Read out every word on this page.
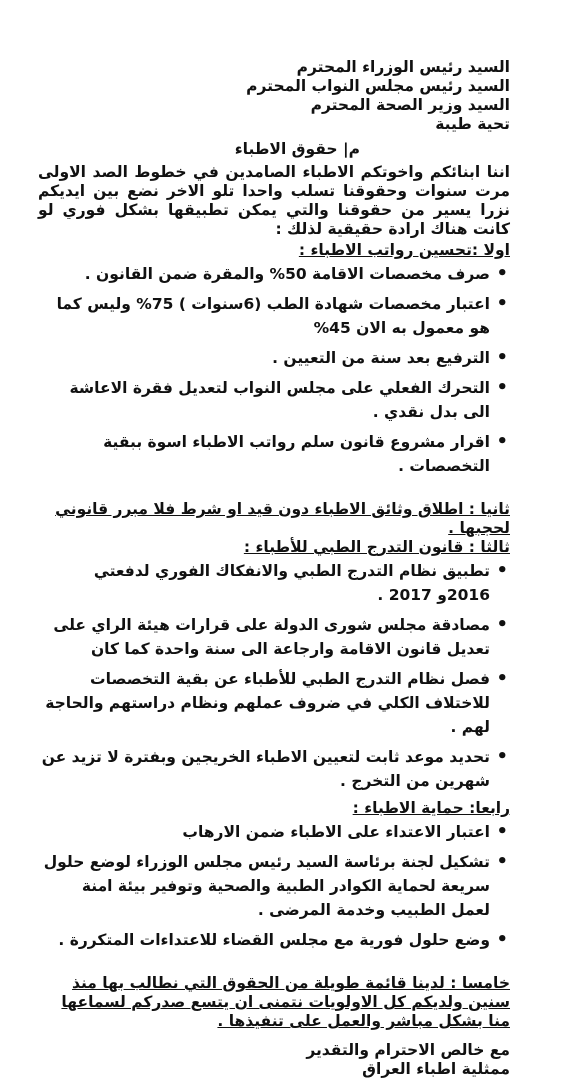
السيد رئيس الوزراء المحترم
السيد رئيس مجلس النواب المحترم
السيد وزير الصحة المحترم
تحية طيبة
م| حقوق الاطباء
اننا ابنائكم واخوتكم الاطباء الصامدين في خطوط الصد الاولى مرت سنوات وحقوقنا تسلب واحدا تلو الاخر نضع بين ايديكم نزرا يسير من حقوقنا والتي يمكن تطبيقها بشكل فوري لو كانت هناك ارادة حقيقية لذلك :
اولا :تحسين رواتب الاطباء :
•
صرف مخصصات الاقامة 50% والمقرة ضمن القانون .
•
اعتبار مخصصات شهادة الطب (6سنوات ) 75% وليس كما هو معمول به الان 45%
•
الترفيع بعد سنة من التعيين .
•
التحرك الفعلي على مجلس النواب لتعديل فقرة الاعاشة الى بدل نقدي .
•
اقرار مشروع قانون سلم رواتب الاطباء اسوة ببقية التخصصات .
ثانيا : اطلاق وثائق الاطباء دون قيد او شرط فلا مبرر قانوني لحجبها .
ثالثا : قانون التدرج الطبي للأطباء :
•
تطبيق نظام التدرج الطبي والانفكاك الفوري لدفعتي 2016و 2017 .
•
مصادقة مجلس شورى الدولة على قرارات هيئة الراي على تعديل قانون الاقامة وارجاعة الى سنة واحدة كما كان
•
فصل نظام التدرج الطبي للأطباء عن بقية التخصصات للاختلاف الكلي في ضروف عملهم ونظام دراستهم والحاجة لهم .
•
تحديد موعد ثابت لتعيين الاطباء الخريجين وبفترة لا تزيد عن شهرين من التخرج .
رابعا: حماية الاطباء :
•
اعتبار الاعتداء على الاطباء ضمن الارهاب
•
تشكيل لجنة برئاسة السيد رئيس مجلس الوزراء لوضع حلول سريعة لحماية الكوادر الطبية والصحية وتوفير بيئة امنة لعمل الطبيب وخدمة المرضى .
•
وضع حلول فورية مع مجلس القضاء للاعتداءات المتكررة .
خامسا : لدينا قائمة طويلة من الحقوق التي نطالب بها منذ سنين ولديكم كل الاولويات نتمنى ان يتسع صدركم لسماعها منا بشكل مباشر والعمل على تنفيذها .
مع خالص الاحترام والتقدير
ممثلية اطباء العراق
